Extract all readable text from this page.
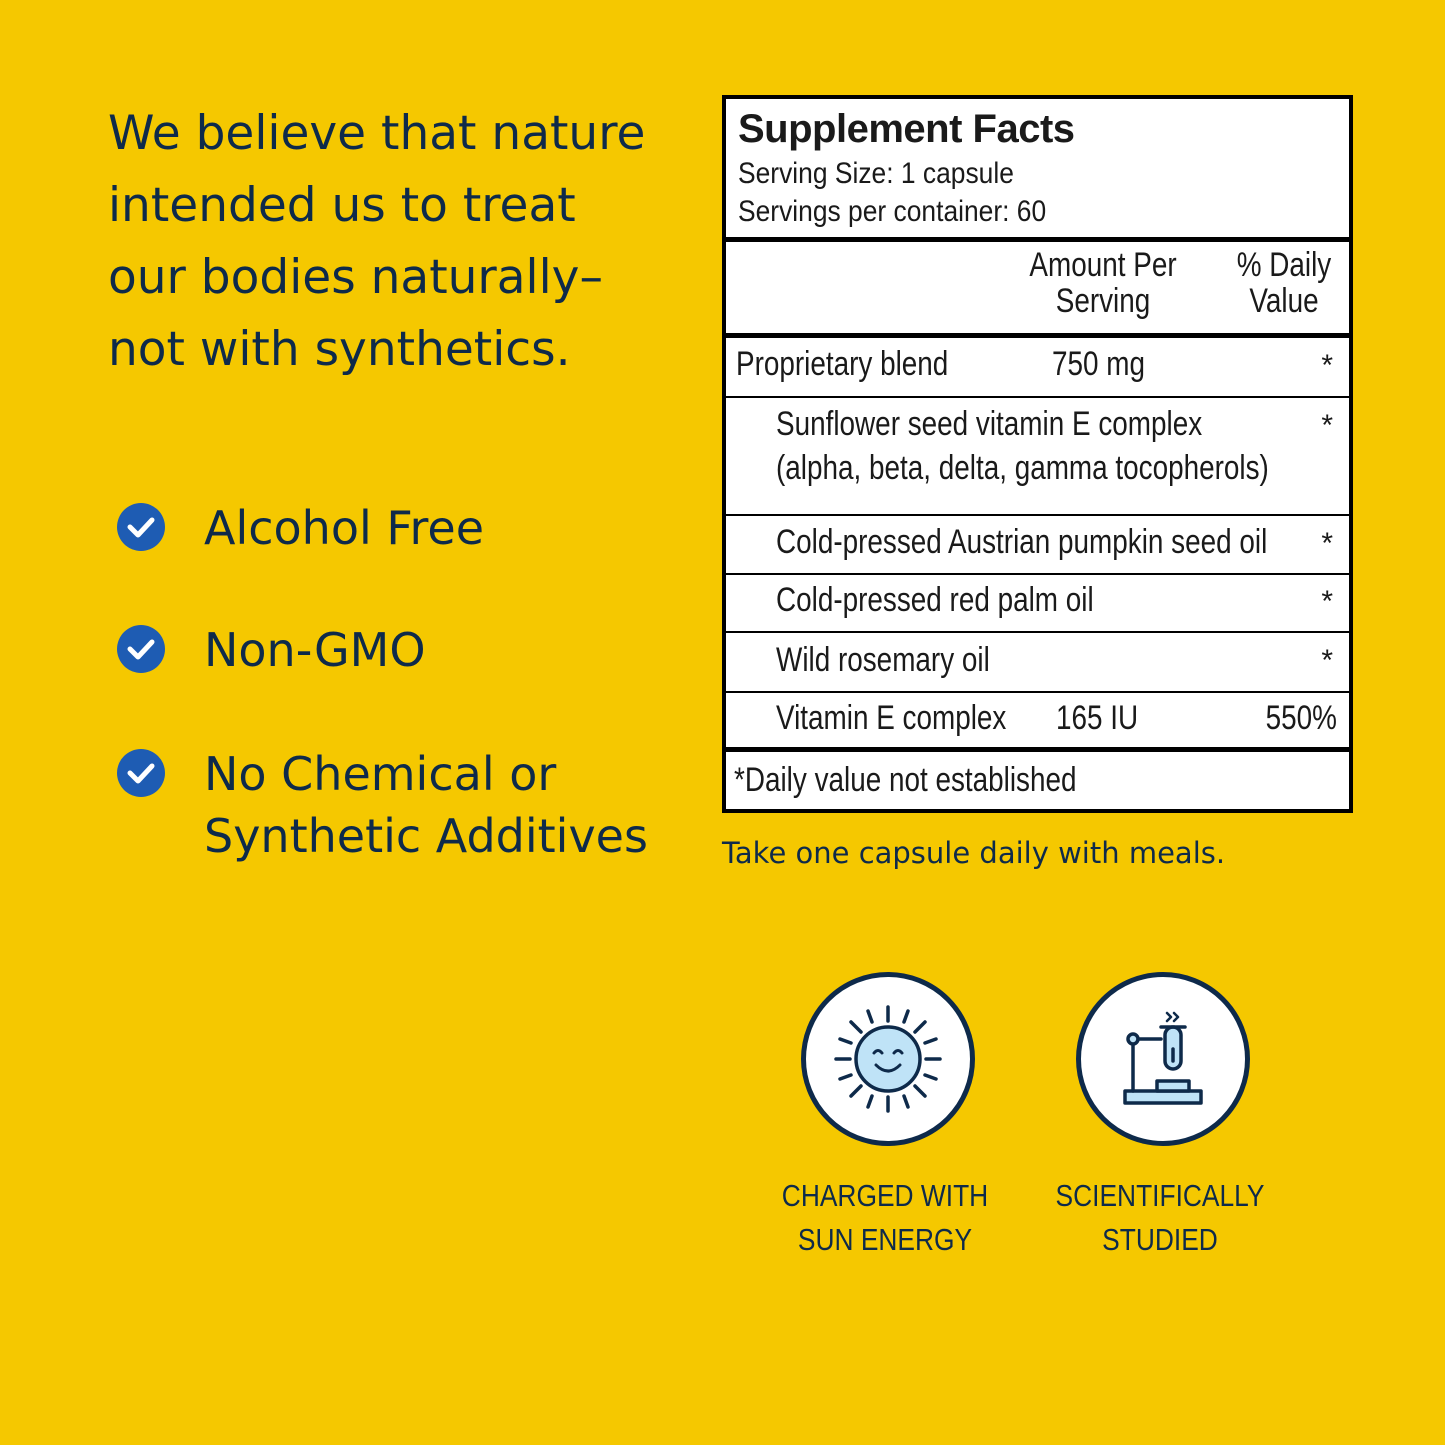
We believe that nature
intended us to treat
our bodies naturally–
not with synthetics.
Alcohol Free
Non-GMO
No Chemical or
Synthetic Additives
Supplement Facts
Serving Size: 1 capsule
Servings per container: 60
Amount Per
Serving
% Daily
Value
Proprietary blend	750 mg	*
Sunflower seed vitamin E complex
(alpha, beta, delta, gamma tocopherols)
*
Cold-pressed Austrian pumpkin seed oil *
Cold-pressed red palm oil	*
Wild rosemary oil	*
Vitamin E complex 165 IU	550%
*Daily value not established
Take one capsule daily with meals.
CHARGED WITH
SUN ENERGY
SCIENTIFICALLY
STUDIED
